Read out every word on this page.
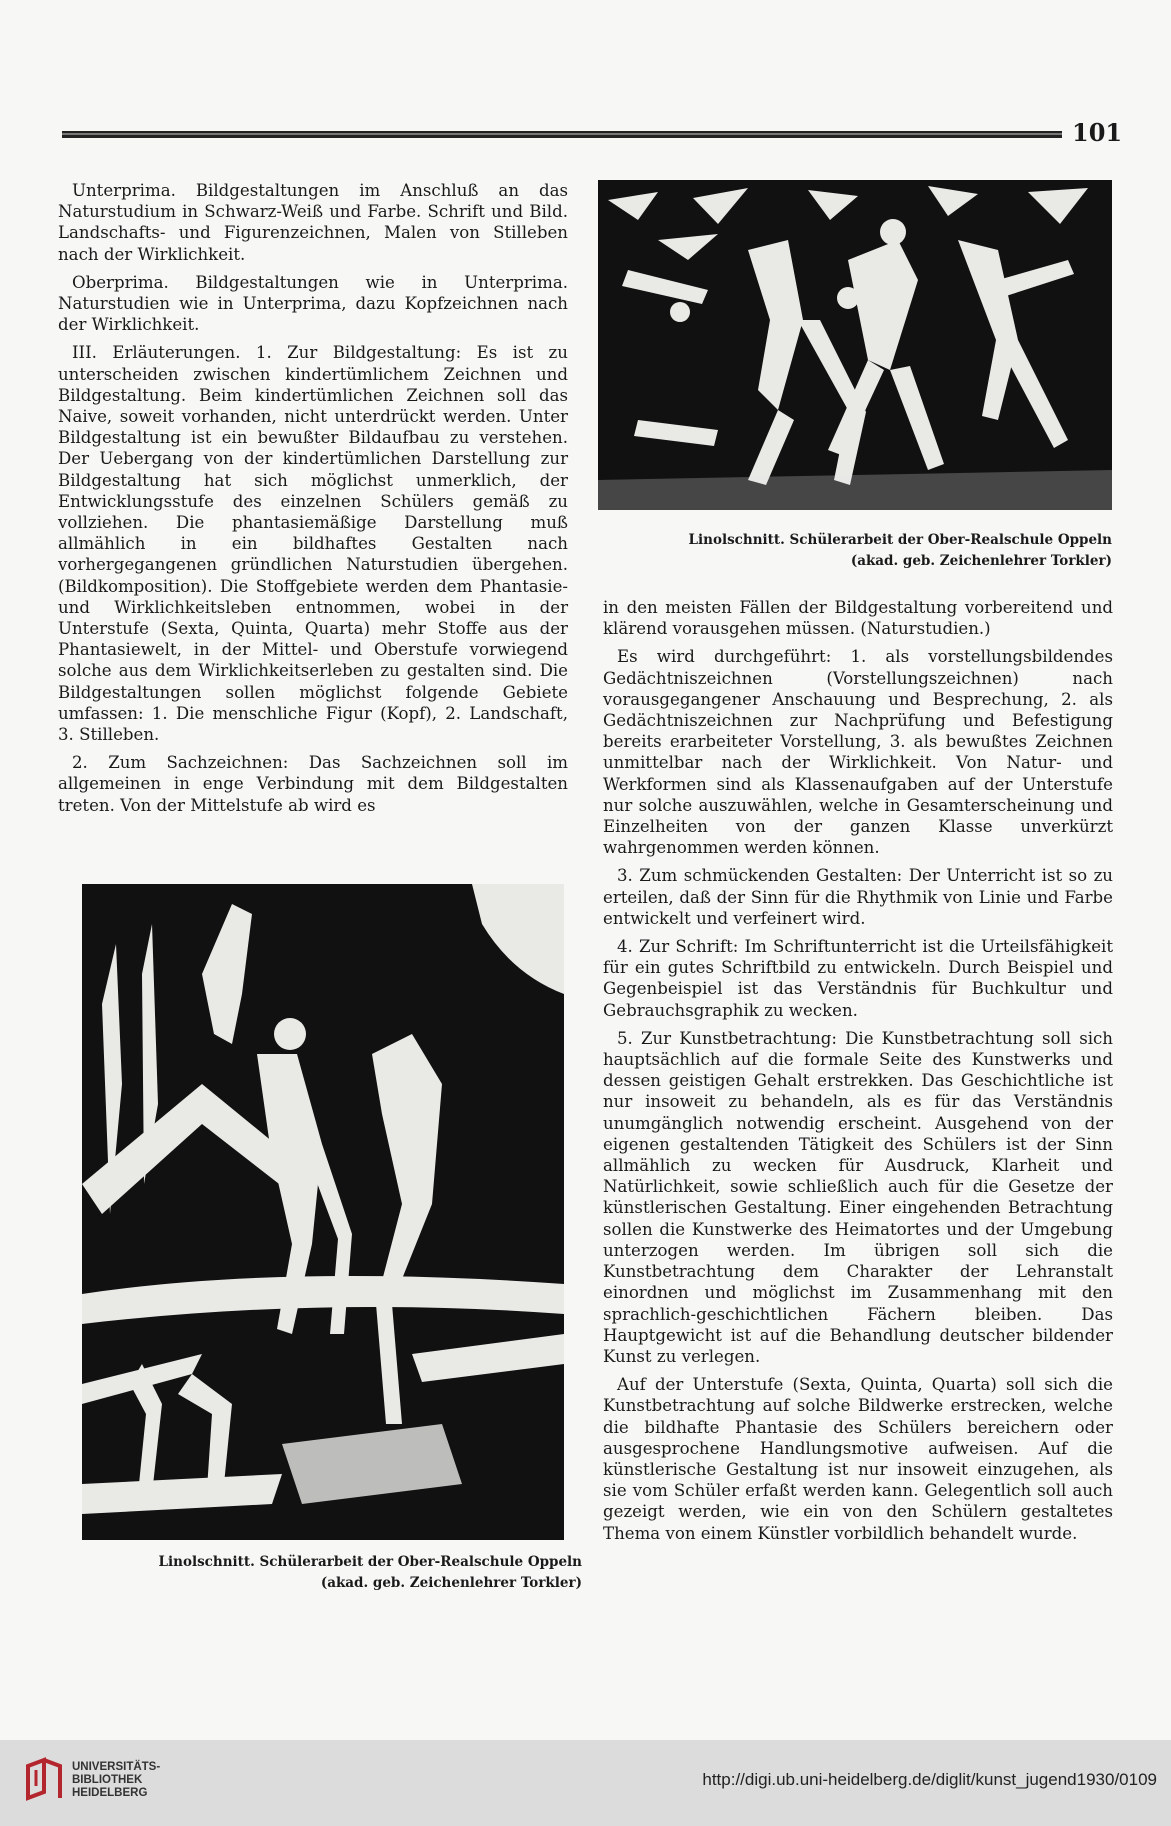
101

Unterprima. Bildgestaltungen im Anschluß an das Naturstudium in Schwarz-Weiß und Farbe. Schrift und Bild. Landschafts- und Figurenzeichnen, Malen von Stilleben nach der Wirklichkeit.

Oberprima. Bildgestaltungen wie in Unterprima. Naturstudien wie in Unterprima, dazu Kopfzeichnen nach der Wirklichkeit.

III. Erläuterungen. 1. Zur Bildgestaltung: Es ist zu unterscheiden zwischen kindertümlichem Zeichnen und Bildgestaltung. Beim kindertümlichen Zeichnen soll das Naive, soweit vorhanden, nicht unterdrückt werden. Unter Bildgestaltung ist ein bewußter Bildaufbau zu verstehen. Der Uebergang von der kindertümlichen Darstellung zur Bildgestaltung hat sich möglichst unmerklich, der Entwicklungsstufe des einzelnen Schülers gemäß zu vollziehen. Die phantasiemäßige Darstellung muß allmählich in ein bildhaftes Gestalten nach vorhergegangenen gründlichen Naturstudien übergehen. (Bildkomposition). Die Stoffgebiete werden dem Phantasie- und Wirklichkeitsleben entnommen, wobei in der Unterstufe (Sexta, Quinta, Quarta) mehr Stoffe aus der Phantasiewelt, in der Mittel- und Oberstufe vorwiegend solche aus dem Wirklichkeitserleben zu gestalten sind. Die Bildgestaltungen sollen möglichst folgende Gebiete umfassen: 1. Die menschliche Figur (Kopf), 2. Landschaft, 3. Stilleben.

2. Zum Sachzeichnen: Das Sachzeichnen soll im allgemeinen in enge Verbindung mit dem Bildgestalten treten. Von der Mittelstufe ab wird es

Linolschnitt. Schülerarbeit der Ober-Realschule Oppeln
(akad. geb. Zeichenlehrer Torkler)

in den meisten Fällen der Bildgestaltung vorbereitend und klärend vorausgehen müssen. (Naturstudien.)

Es wird durchgeführt: 1. als vorstellungsbildendes Gedächtniszeichnen (Vorstellungszeichnen) nach vorausgegangener Anschauung und Besprechung, 2. als Gedächtniszeichnen zur Nachprüfung und Befestigung bereits erarbeiteter Vorstellung, 3. als bewußtes Zeichnen unmittelbar nach der Wirklichkeit. Von Natur- und Werkformen sind als Klassenaufgaben auf der Unterstufe nur solche auszuwählen, welche in Gesamterscheinung und Einzelheiten von der ganzen Klasse unverkürzt wahrgenommen werden können.

3. Zum schmückenden Gestalten: Der Unterricht ist so zu erteilen, daß der Sinn für die Rhythmik von Linie und Farbe entwickelt und verfeinert wird.

4. Zur Schrift: Im Schriftunterricht ist die Urteilsfähigkeit für ein gutes Schriftbild zu entwickeln. Durch Beispiel und Gegenbeispiel ist das Verständnis für Buchkultur und Gebrauchsgraphik zu wecken.

5. Zur Kunstbetrachtung: Die Kunstbetrachtung soll sich hauptsächlich auf die formale Seite des Kunstwerks und dessen geistigen Gehalt erstrekken. Das Geschichtliche ist nur insoweit zu behandeln, als es für das Verständnis unumgänglich notwendig erscheint. Ausgehend von der eigenen gestaltenden Tätigkeit des Schülers ist der Sinn allmählich zu wecken für Ausdruck, Klarheit und Natürlichkeit, sowie schließlich auch für die Gesetze der künstlerischen Gestaltung. Einer eingehenden Betrachtung sollen die Kunstwerke des Heimatortes und der Umgebung unterzogen werden. Im übrigen soll sich die Kunstbetrachtung dem Charakter der Lehranstalt einordnen und möglichst im Zusammenhang mit den sprachlich-geschichtlichen Fächern bleiben. Das Hauptgewicht ist auf die Behandlung deutscher bildender Kunst zu verlegen.

Auf der Unterstufe (Sexta, Quinta, Quarta) soll sich die Kunstbetrachtung auf solche Bildwerke erstrecken, welche die bildhafte Phantasie des Schülers bereichern oder ausgesprochene Handlungsmotive aufweisen. Auf die künstlerische Gestaltung ist nur insoweit einzugehen, als sie vom Schüler erfaßt werden kann. Gelegentlich soll auch gezeigt werden, wie ein von den Schülern gestaltetes Thema von einem Künstler vorbildlich behandelt wurde.

Linolschnitt. Schülerarbeit der Ober-Realschule Oppeln
(akad. geb. Zeichenlehrer Torkler)
UNIVERSITÄTS-
BIBLIOTHEK
HEIDELBERG
http://digi.ub.uni-heidelberg.de/diglit/kunst_jugend1930/0109
